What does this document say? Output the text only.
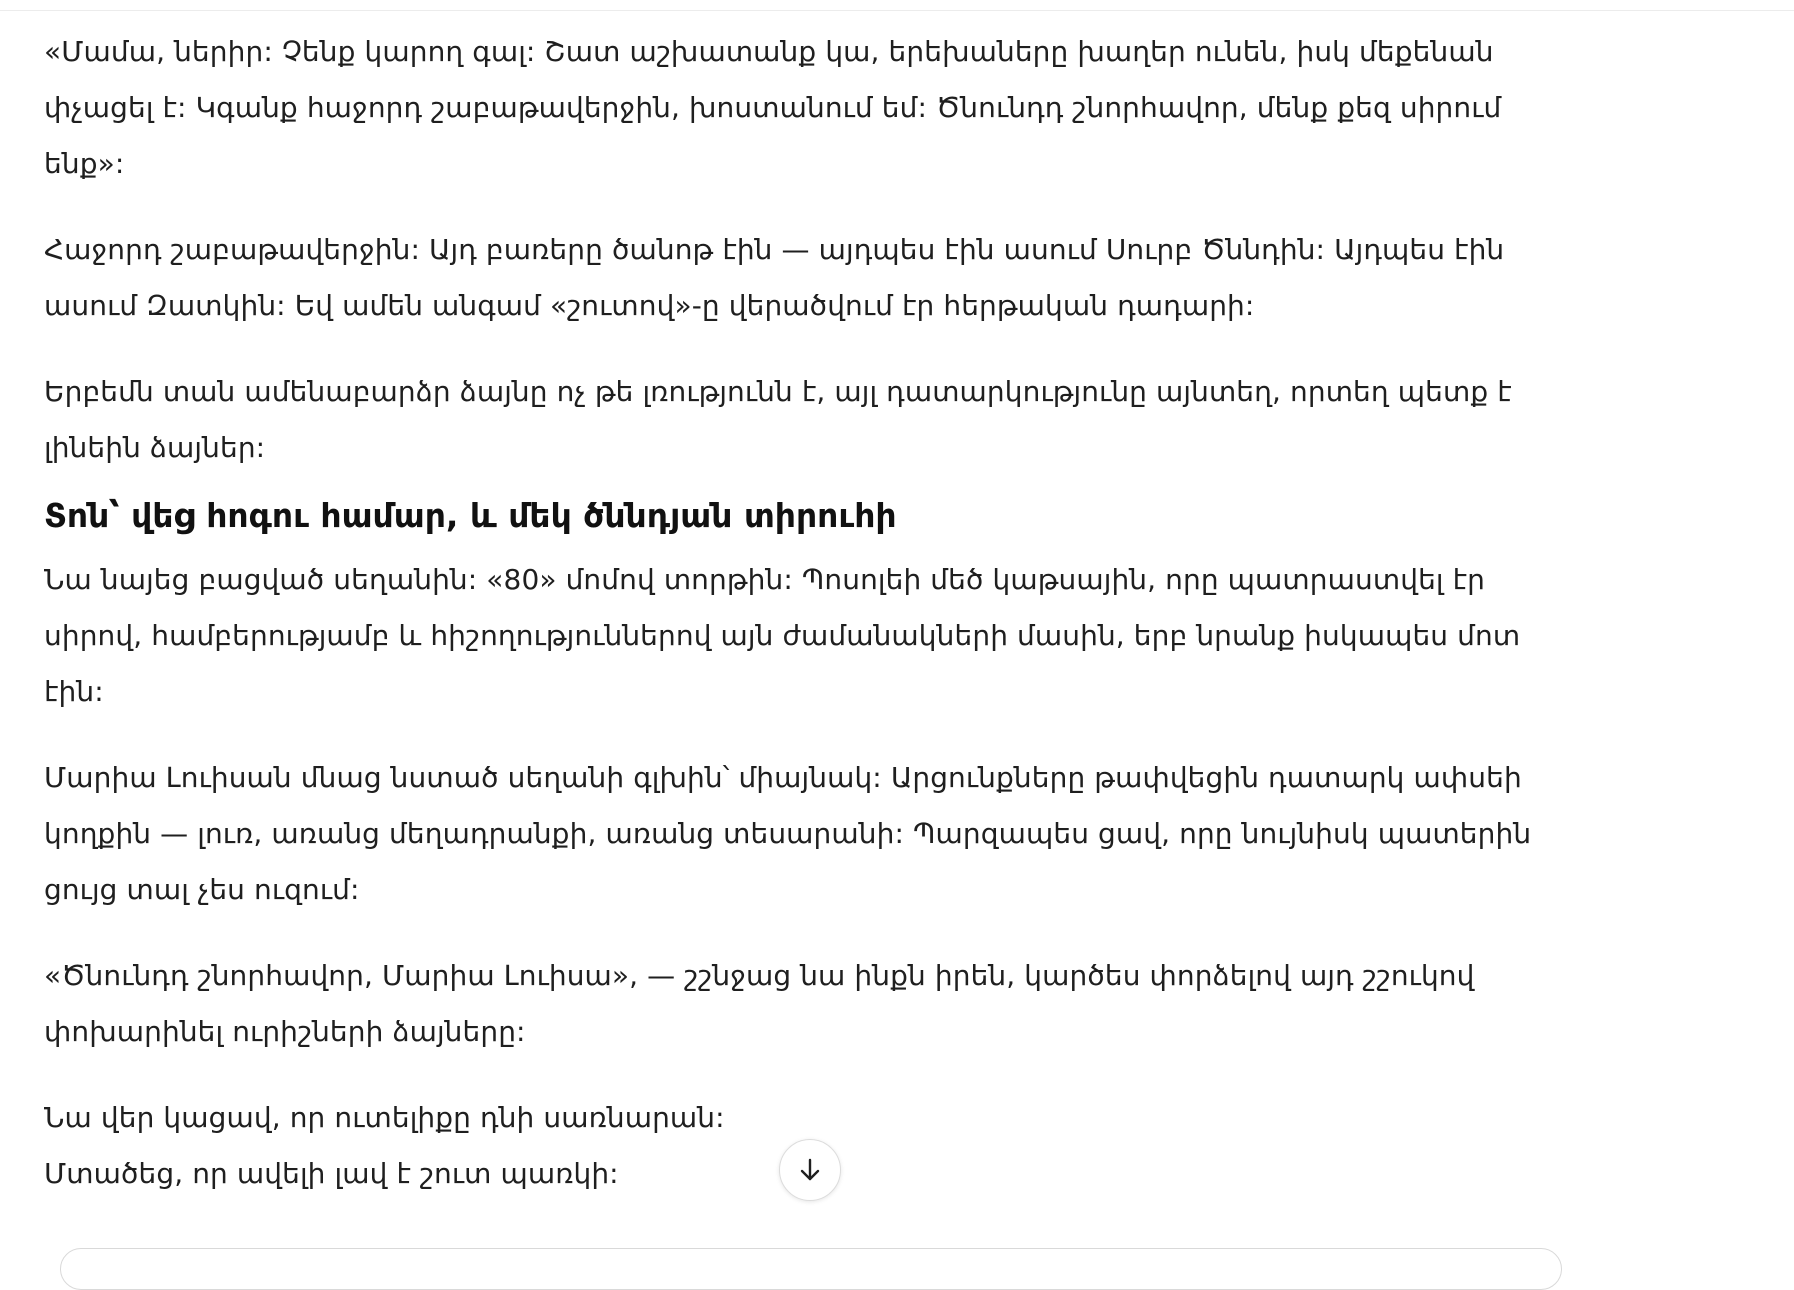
«Մամա, ներիր: Չենք կարող գալ: Շատ աշխատանք կա, երեխաները խաղեր ունեն, իսկ մեքենան փչացել է: Կգանք հաջորդ շաբաթավերջին, խոստանում եմ: Ծնունդդ շնորհավոր, մենք քեզ սիրում ենք»:

Հաջորդ շաբաթավերջին: Այդ բառերը ծանոթ էին — այդպես էին ասում Սուրբ Ծննդին: Այդպես էին ասում Զատկին: Եվ ամեն անգամ «շուտով»-ը վերածվում էր հերթական դադարի:

Երբեմն տան ամենաբարձր ձայնը ոչ թե լռությունն է, այլ դատարկությունը այնտեղ, որտեղ պետք է լինեին ձայներ:

Տոն՝ վեց հոգու համար, և մեկ ծննդյան տիրուհի

Նա նայեց բացված սեղանին: «80» մոմով տորթին: Պոսոլեի մեծ կաթսային, որը պատրաստվել էր սիրով, համբերությամբ և հիշողություններով այն ժամանակների մասին, երբ նրանք իսկապես մոտ էին:

Մարիա Լուիսան մնաց նստած սեղանի գլխին՝ միայնակ: Արցունքները թափվեցին դատարկ ափսեի կողքին — լուռ, առանց մեղադրանքի, առանց տեսարանի: Պարզապես ցավ, որը նույնիսկ պատերին ցույց տալ չես ուզում:

«Ծնունդդ շնորհավոր, Մարիա Լուիսա», — շշնջաց նա ինքն իրեն, կարծես փորձելով այդ շշուկով փոխարինել ուրիշների ձայները:

Նա վեր կացավ, որ ուտելիքը դնի սառնարան:

Մտածեց, որ ավելի լավ է շուտ պառկի:
